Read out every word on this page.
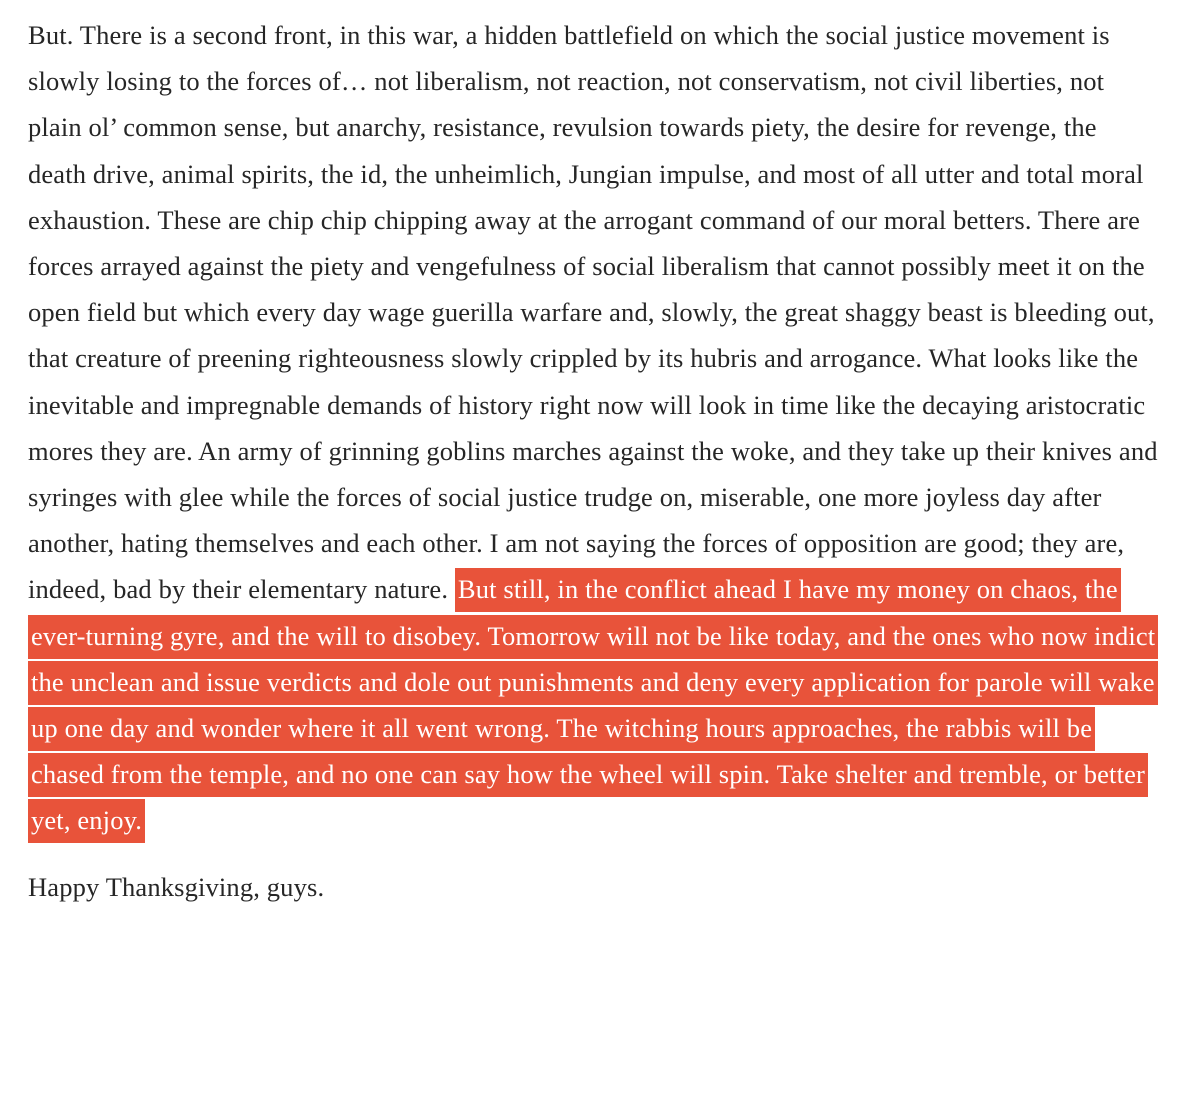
But. There is a second front, in this war, a hidden battlefield on which the social justice movement is slowly losing to the forces of… not liberalism, not reaction, not conservatism, not civil liberties, not plain ol’ common sense, but anarchy, resistance, revulsion towards piety, the desire for revenge, the death drive, animal spirits, the id, the unheimlich, Jungian impulse, and most of all utter and total moral exhaustion. These are chip chip chipping away at the arrogant command of our moral betters. There are forces arrayed against the piety and vengefulness of social liberalism that cannot possibly meet it on the open field but which every day wage guerilla warfare and, slowly, the great shaggy beast is bleeding out, that creature of preening righteousness slowly crippled by its hubris and arrogance. What looks like the inevitable and impregnable demands of history right now will look in time like the decaying aristocratic mores they are. An army of grinning goblins marches against the woke, and they take up their knives and syringes with glee while the forces of social justice trudge on, miserable, one more joyless day after another, hating themselves and each other. I am not saying the forces of opposition are good; they are, indeed, bad by their elementary nature. But still, in the conflict ahead I have my money on chaos, the ever-turning gyre, and the will to disobey. Tomorrow will not be like today, and the ones who now indict the unclean and issue verdicts and dole out punishments and deny every application for parole will wake up one day and wonder where it all went wrong. The witching hours approaches, the rabbis will be chased from the temple, and no one can say how the wheel will spin. Take shelter and tremble, or better yet, enjoy.

Happy Thanksgiving, guys.
